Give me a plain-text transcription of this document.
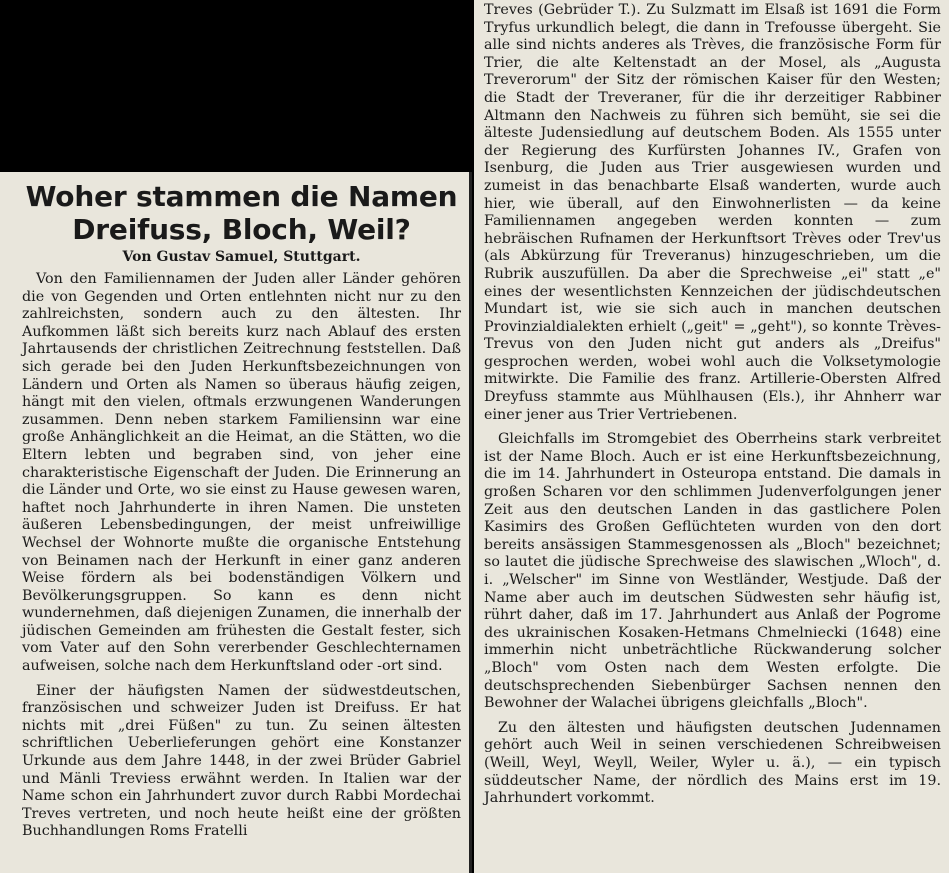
Woher stammen die Namen
Dreifuss, Bloch, Weil?
Von Gustav Samuel, Stuttgart.

Von den Familiennamen der Juden aller Länder gehören die von Gegenden und Orten entlehnten nicht nur zu den zahlreichsten, sondern auch zu den ältesten. Ihr Aufkommen läßt sich bereits kurz nach Ablauf des ersten Jahrtausends der christlichen Zeitrechnung feststellen. Daß sich gerade bei den Juden Herkunftsbezeichnungen von Ländern und Orten als Namen so überaus häufig zeigen, hängt mit den vielen, oftmals erzwungenen Wanderungen zusammen. Denn neben starkem Familiensinn war eine große Anhänglichkeit an die Heimat, an die Stätten, wo die Eltern lebten und begraben sind, von jeher eine charakteristische Eigenschaft der Juden. Die Erinnerung an die Länder und Orte, wo sie einst zu Hause gewesen waren, haftet noch Jahrhunderte in ihren Namen. Die unsteten äußeren Lebensbedingungen, der meist unfreiwillige Wechsel der Wohnorte mußte die organische Entstehung von Beinamen nach der Herkunft in einer ganz anderen Weise fördern als bei bodenständigen Völkern und Bevölkerungsgruppen. So kann es denn nicht wundernehmen, daß diejenigen Zunamen, die innerhalb der jüdischen Gemeinden am frühesten die Gestalt fester, sich vom Vater auf den Sohn vererbender Geschlechternamen aufweisen, solche nach dem Herkunftsland oder -ort sind.

Einer der häufigsten Namen der südwestdeutschen, französischen und schweizer Juden ist Dreifuss. Er hat nichts mit „drei Füßen" zu tun. Zu seinen ältesten schriftlichen Ueberlieferungen gehört eine Konstanzer Urkunde aus dem Jahre 1448, in der zwei Brüder Gabriel und Mänli Treviess erwähnt werden. In Italien war der Name schon ein Jahrhundert zuvor durch Rabbi Mordechai Treves vertreten, und noch heute heißt eine der größten Buchhandlungen Roms Fratelli

Treves (Gebrüder T.). Zu Sulzmatt im Elsaß ist 1691 die Form Tryfus urkundlich belegt, die dann in Trefousse übergeht. Sie alle sind nichts anderes als Trèves, die französische Form für Trier, die alte Keltenstadt an der Mosel, als „Augusta Treverorum" der Sitz der römischen Kaiser für den Westen; die Stadt der Treveraner, für die ihr derzeitiger Rabbiner Altmann den Nachweis zu führen sich bemüht, sie sei die älteste Judensiedlung auf deutschem Boden. Als 1555 unter der Regierung des Kurfürsten Johannes IV., Grafen von Isenburg, die Juden aus Trier ausgewiesen wurden und zumeist in das benachbarte Elsaß wanderten, wurde auch hier, wie überall, auf den Einwohnerlisten — da keine Familiennamen angegeben werden konnten — zum hebräischen Rufnamen der Herkunftsort Trèves oder Trev'us (als Abkürzung für Treveranus) hinzugeschrieben, um die Rubrik auszufüllen. Da aber die Sprechweise „ei" statt „e" eines der wesentlichsten Kennzeichen der jüdischdeutschen Mundart ist, wie sie sich auch in manchen deutschen Provinzialdialekten erhielt („geit" = „geht"), so konnte Trèves-Trevus von den Juden nicht gut anders als „Dreifus" gesprochen werden, wobei wohl auch die Volksetymologie mitwirkte. Die Familie des franz. Artillerie-Obersten Alfred Dreyfuss stammte aus Mühlhausen (Els.), ihr Ahnherr war einer jener aus Trier Vertriebenen.

Gleichfalls im Stromgebiet des Oberrheins stark verbreitet ist der Name Bloch. Auch er ist eine Herkunftsbezeichnung, die im 14. Jahrhundert in Osteuropa entstand. Die damals in großen Scharen vor den schlimmen Judenverfolgungen jener Zeit aus den deutschen Landen in das gastlichere Polen Kasimirs des Großen Geflüchteten wurden von den dort bereits ansässigen Stammesgenossen als „Bloch" bezeichnet; so lautet die jüdische Sprechweise des slawischen „Wloch", d. i. „Welscher" im Sinne von Westländer, Westjude. Daß der Name aber auch im deutschen Südwesten sehr häufig ist, rührt daher, daß im 17. Jahrhundert aus Anlaß der Pogrome des ukrainischen Kosaken-Hetmans Chmelniecki (1648) eine immerhin nicht unbeträchtliche Rückwanderung solcher „Bloch" vom Osten nach dem Westen erfolgte. Die deutschsprechenden Siebenbürger Sachsen nennen den Bewohner der Walachei übrigens gleichfalls „Bloch".

Zu den ältesten und häufigsten deutschen Judennamen gehört auch Weil in seinen verschiedenen Schreibweisen (Weill, Weyl, Weyll, Weiler, Wyler u. ä.), — ein typisch süddeutscher Name, der nördlich des Mains erst im 19. Jahrhundert vorkommt.
